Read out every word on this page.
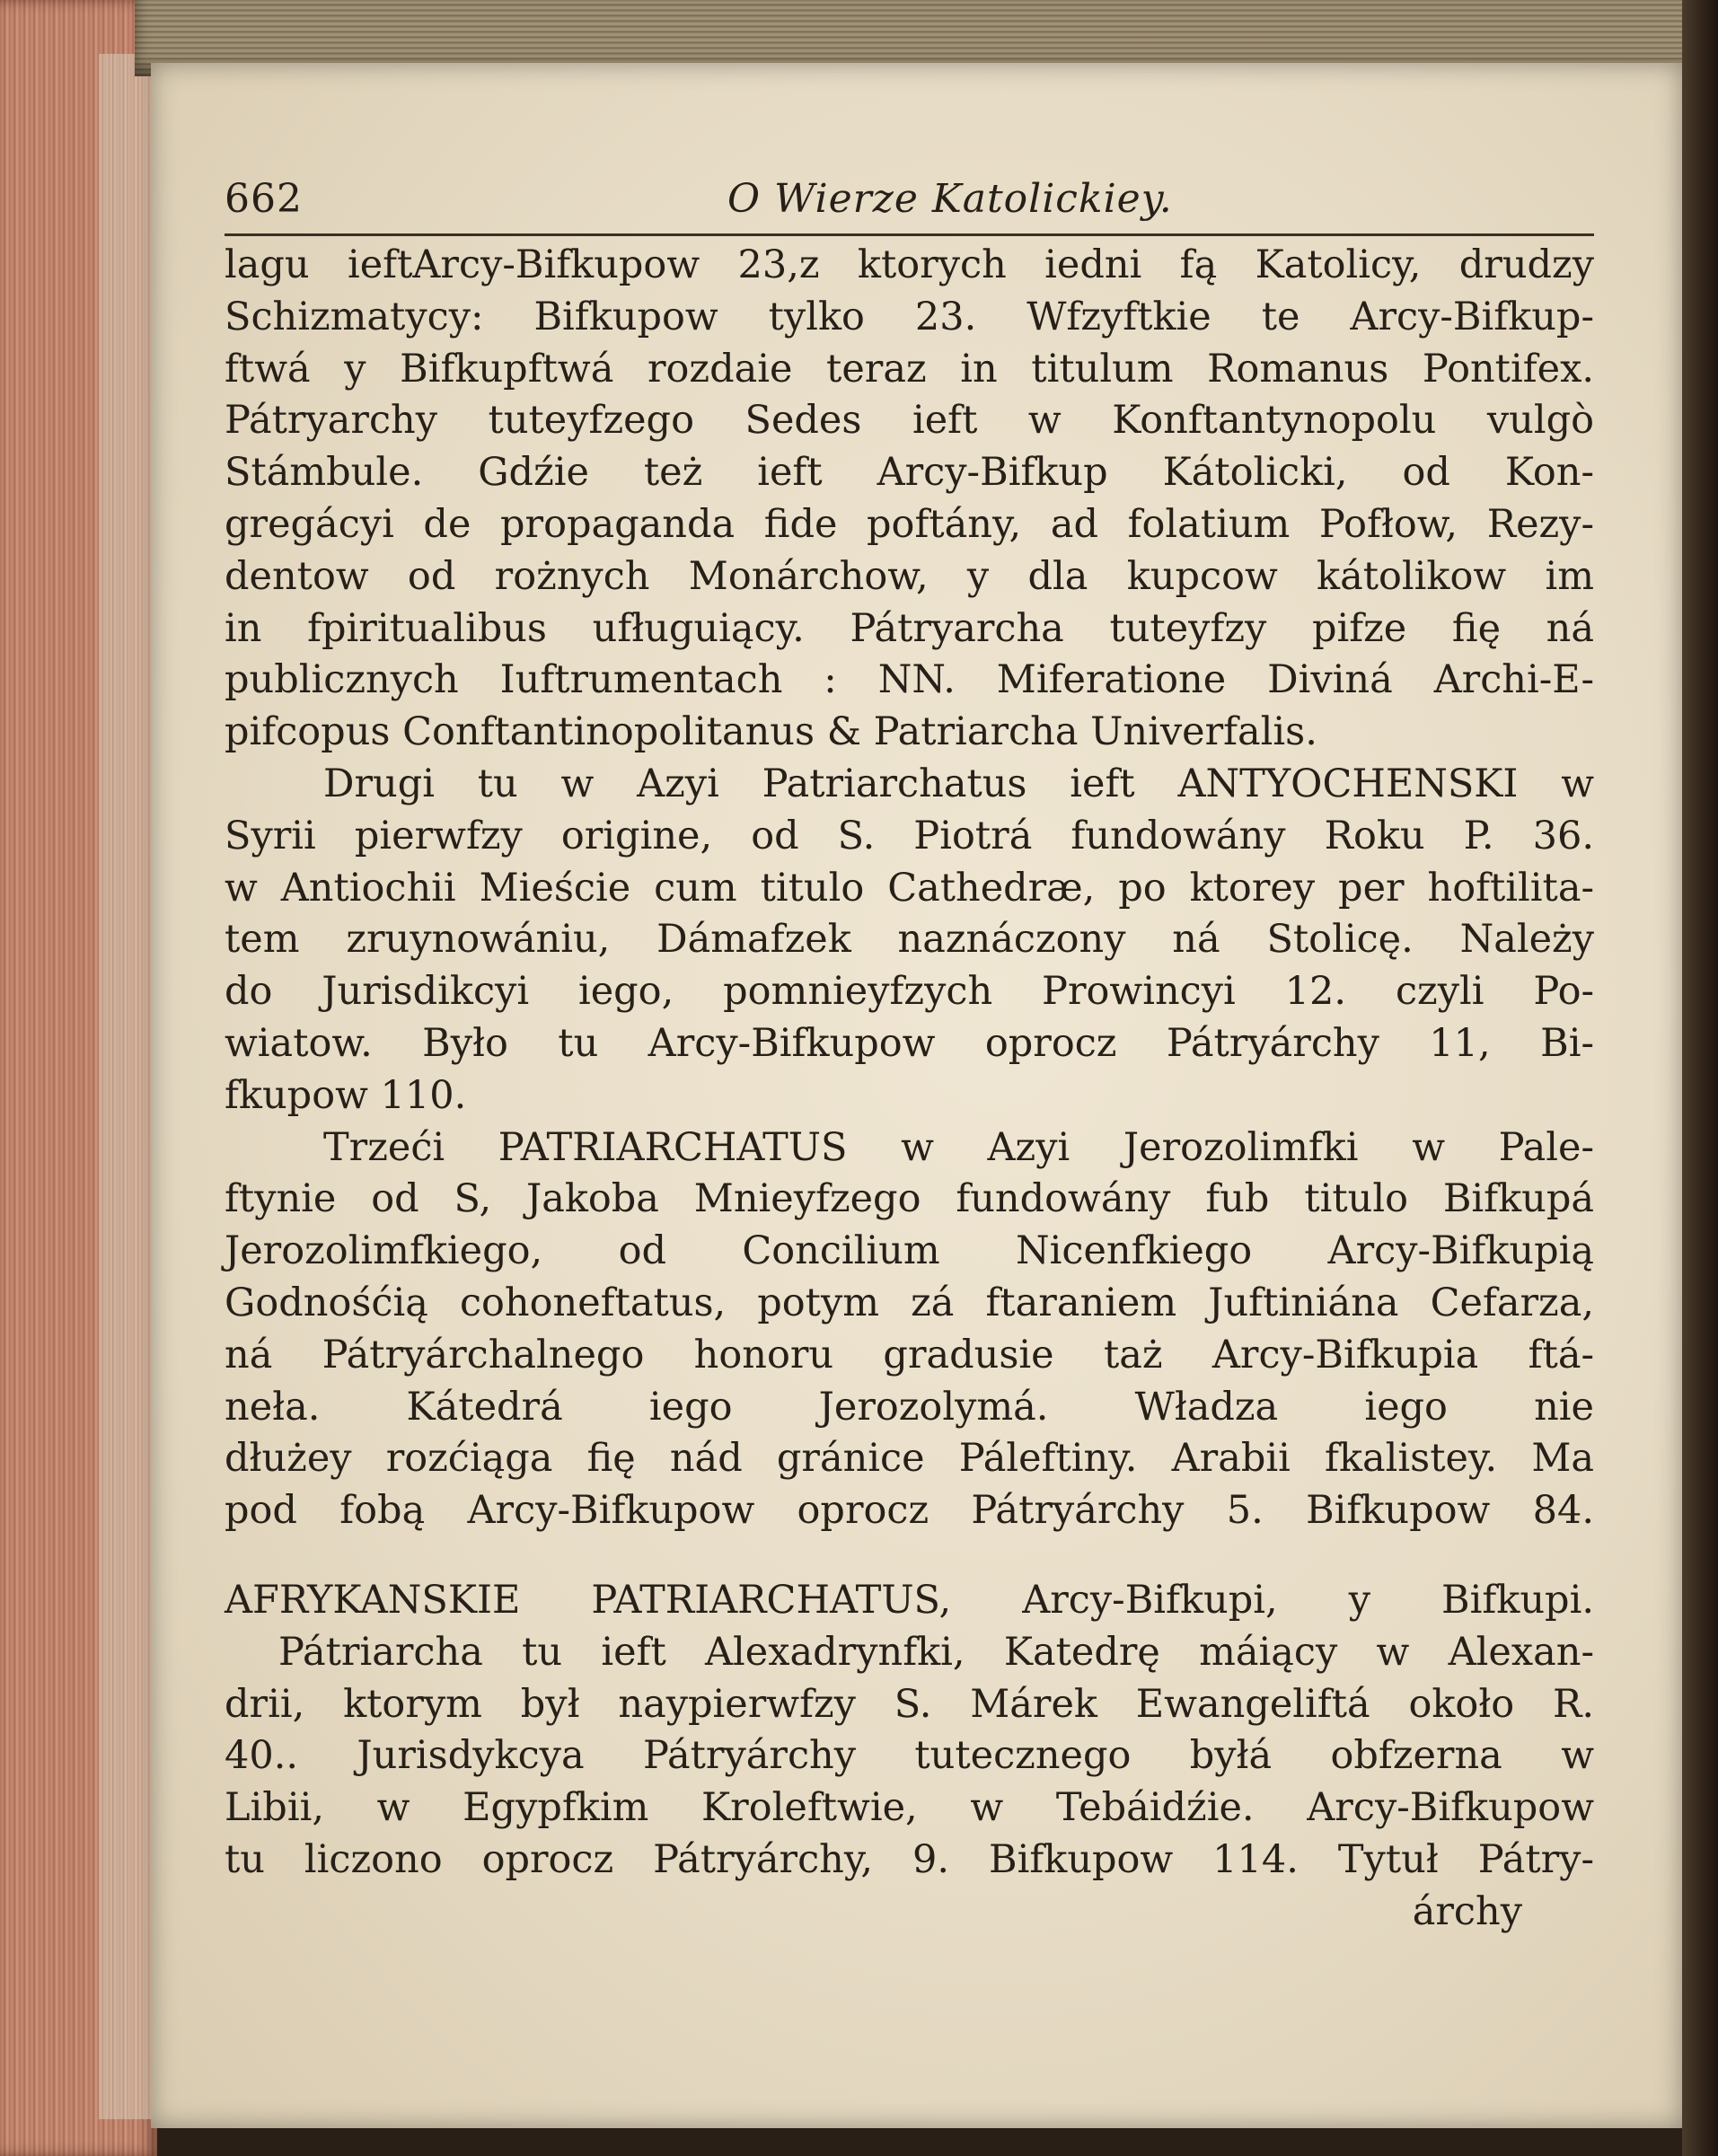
662	O Wierze Katolickiey.

lagu ieftArcy-Bifkupow 23,z ktorych iedni fą Katolicy, drudzy
Schizmatycy: Bifkupow tylko 23. Wfzyftkie te Arcy-Bifkup-
ftwá y Bifkupftwá rozdaie teraz in titulum Romanus Pontifex.
Pátryarchy tuteyfzego Sedes ieft w Konftantynopolu vulgò
Stámbule. Gdźie też ieft Arcy-Bifkup Kátolicki, od Kon-
gregácyi de propaganda fide poftány, ad folatium Pofłow, Rezy-
dentow od rożnych Monárchow, y dla kupcow kátolikow im
in fpiritualibus ufługuiący. Pátryarcha tuteyfzy pifze fię ná
publicznych Iuftrumentach : NN. Miferatione Diviná Archi-E-
pifcopus Conftantinopolitanus & Patriarcha Univerfalis.

Drugi tu w Azyi Patriarchatus ieft ANTYOCHENSKI w
Syrii pierwfzy origine, od S. Piotrá fundowány Roku P. 36.
w Antiochii Mieście cum titulo Cathedræ, po ktorey per hoftilita-
tem zruynowániu, Dámafzek naznáczony ná Stolicę. Należy
do Jurisdikcyi iego, pomnieyfzych Prowincyi 12. czyli Po-
wiatow. Było tu Arcy-Bifkupow oprocz Pátryárchy 11, Bi-
fkupow 110.

Trzeći PATRIARCHATUS w Azyi Jerozolimfki w Pale-
ftynie od S, Jakoba Mnieyfzego fundowány fub titulo Bifkupá
Jerozolimfkiego, od Concilium Nicenfkiego Arcy-Bifkupią
Godnośćią cohoneftatus, potym zá ftaraniem Juftiniána Cefarza,
ná Pátryárchalnego honoru gradusie taż Arcy-Bifkupia ftá-
neła. Kátedrá iego Jerozolymá. Władza iego nie
dłużey rozćiąga fię nád gránice Páleftiny. Arabii fkalistey. Ma
pod fobą Arcy-Bifkupow oprocz Pátryárchy 5. Bifkupow 84.

AFRYKANSKIE PATRIARCHATUS, Arcy-Bifkupi, y Bifkupi.

Pátriarcha tu ieft Alexadrynfki, Katedrę máiący w Alexan-
drii, ktorym był naypierwfzy S. Márek Ewangeliftá około R.
40.. Jurisdykcya Pátryárchy tutecznego byłá obfzerna w
Libii, w Egypfkim Kroleftwie, w Tebáidźie. Arcy-Bifkupow
tu liczono oprocz Pátryárchy, 9. Bifkupow 114. Tytuł Pátry-
árchy
